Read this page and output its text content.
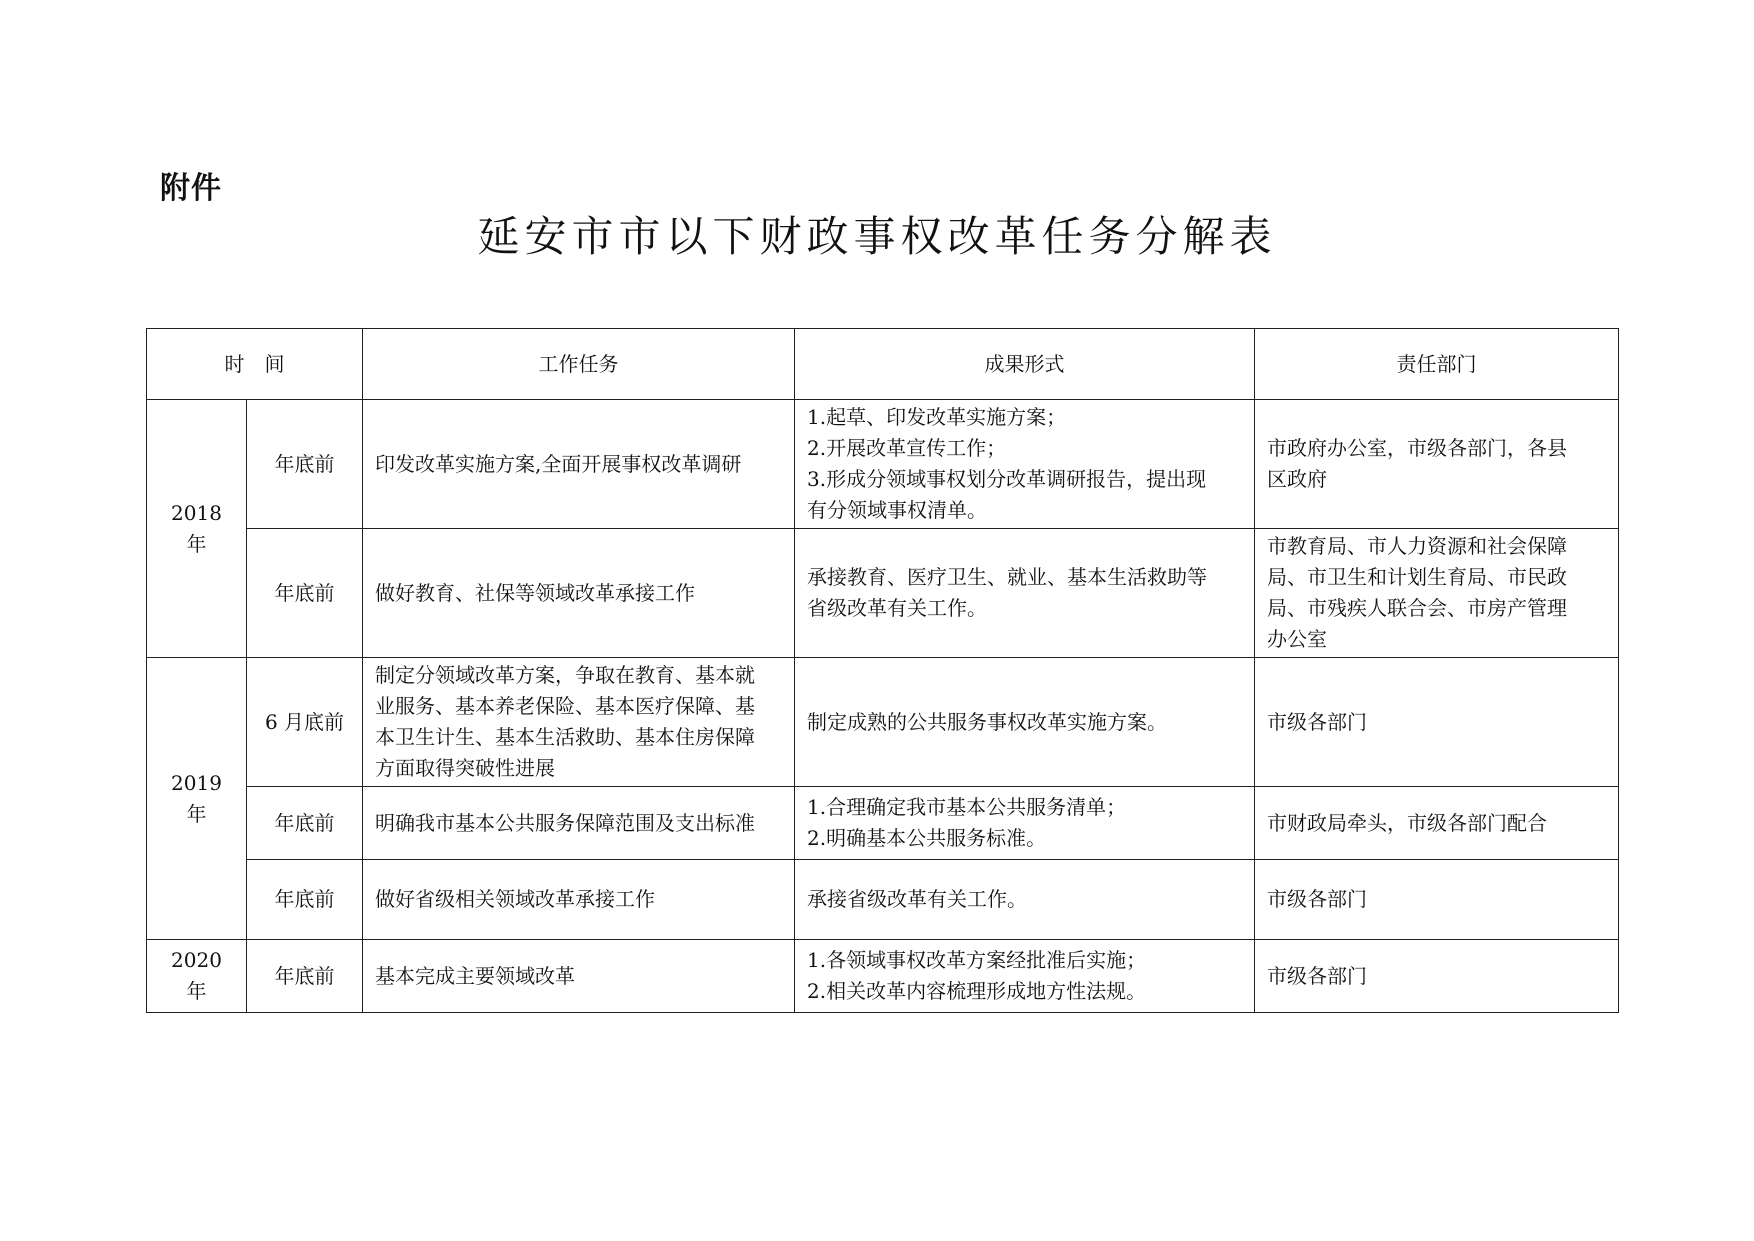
附件
延安市市以下财政事权改革任务分解表
时　间		工作任务	成果形式	责任部门
2018 年	年底前	印发改革实施方案,全面开展事权改革调研	1.起草、印发改革实施方案；
2.开展改革宣传工作；
3.形成分领域事权划分改革调研报告，提出现
有分领域事权清单。	市政府办公室，市级各部门，各县
区政府

	年底前	做好教育、社保等领域改革承接工作	承接教育、医疗卫生、就业、基本生活救助等
省级改革有关工作。	市教育局、市人力资源和社会保障
局、市卫生和计划生育局、市民政
局、市残疾人联合会、市房产管理
办公室

2019 年	6 月底前	制定分领域改革方案，争取在教育、基本就
业服务、基本养老保险、基本医疗保障、基
本卫生计生、基本生活救助、基本住房保障
方面取得突破性进展	制定成熟的公共服务事权改革实施方案。	市级各部门

	年底前	明确我市基本公共服务保障范围及支出标准	1.合理确定我市基本公共服务清单；
2.明确基本公共服务标准。	市财政局牵头，市级各部门配合

	年底前	做好省级相关领域改革承接工作	承接省级改革有关工作。	市级各部门

2020 年	年底前	基本完成主要领域改革	1.各领域事权改革方案经批准后实施；
2.相关改革内容梳理形成地方性法规。	市级各部门
